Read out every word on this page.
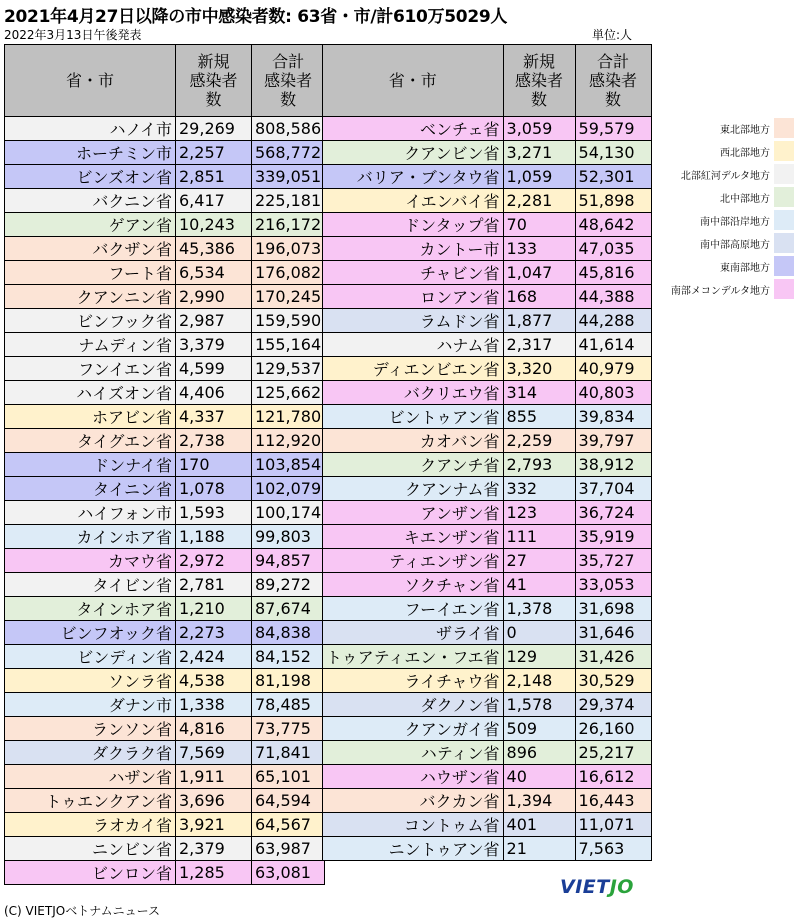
2021年4月27日以降の市中感染者数: 63省・市/計610万5029人
2022年3月13日午後発表	単位:人
省・市	新規
感染者
数	合計
感染者
数
ハノイ市	29,269	808,586
ホーチミン市	2,257	568,772
ビンズオン省	2,851	339,051
バクニン省	6,417	225,181
ゲアン省	10,243	216,172
バクザン省	45,386	196,073
フート省	6,534	176,082
クアンニン省	2,990	170,245
ビンフック省	2,987	159,590
ナムディン省	3,379	155,164
フンイエン省	4,599	129,537
ハイズオン省	4,406	125,662
ホアビン省	4,337	121,780
タイグエン省	2,738	112,920
ドンナイ省	170	103,854
タイニン省	1,078	102,079
ハイフォン市	1,593	100,174
カインホア省	1,188	99,803
カマウ省	2,972	94,857
タイビン省	2,781	89,272
タインホア省	1,210	87,674
ビンフオック省	2,273	84,838
ビンディン省	2,424	84,152
ソンラ省	4,538	81,198
ダナン市	1,338	78,485
ランソン省	4,816	73,775
ダクラク省	7,569	71,841
ハザン省	1,911	65,101
トゥエンクアン省	3,696	64,594
ラオカイ省	3,921	64,567
ニンビン省	2,379	63,987
ビンロン省	1,285	63,081
省・市	新規
感染者
数	合計
感染者
数
ベンチェ省	3,059	59,579
クアンビン省	3,271	54,130
バリア・ブンタウ省	1,059	52,301
イエンバイ省	2,281	51,898
ドンタップ省	70	48,642
カントー市	133	47,035
チャビン省	1,047	45,816
ロンアン省	168	44,388
ラムドン省	1,877	44,288
ハナム省	2,317	41,614
ディエンビエン省	3,320	40,979
バクリエウ省	314	40,803
ビントゥアン省	855	39,834
カオバン省	2,259	39,797
クアンチ省	2,793	38,912
クアンナム省	332	37,704
アンザン省	123	36,724
キエンザン省	111	35,919
ティエンザン省	27	35,727
ソクチャン省	41	33,053
フーイエン省	1,378	31,698
ザライ省	0	31,646
トゥアティエン・フエ省	129	31,426
ライチャウ省	2,148	30,529
ダクノン省	1,578	29,374
クアンガイ省	509	26,160
ハティン省	896	25,217
ハウザン省	40	16,612
バクカン省	1,394	16,443
コントゥム省	401	11,071
ニントゥアン省	21	7,563
東北部地方
西北部地方
北部紅河デルタ地方
北中部地方
南中部沿岸地方
南中部高原地方
東南部地方
南部メコンデルタ地方
VIETJO
(C) VIETJOベトナムニュース
